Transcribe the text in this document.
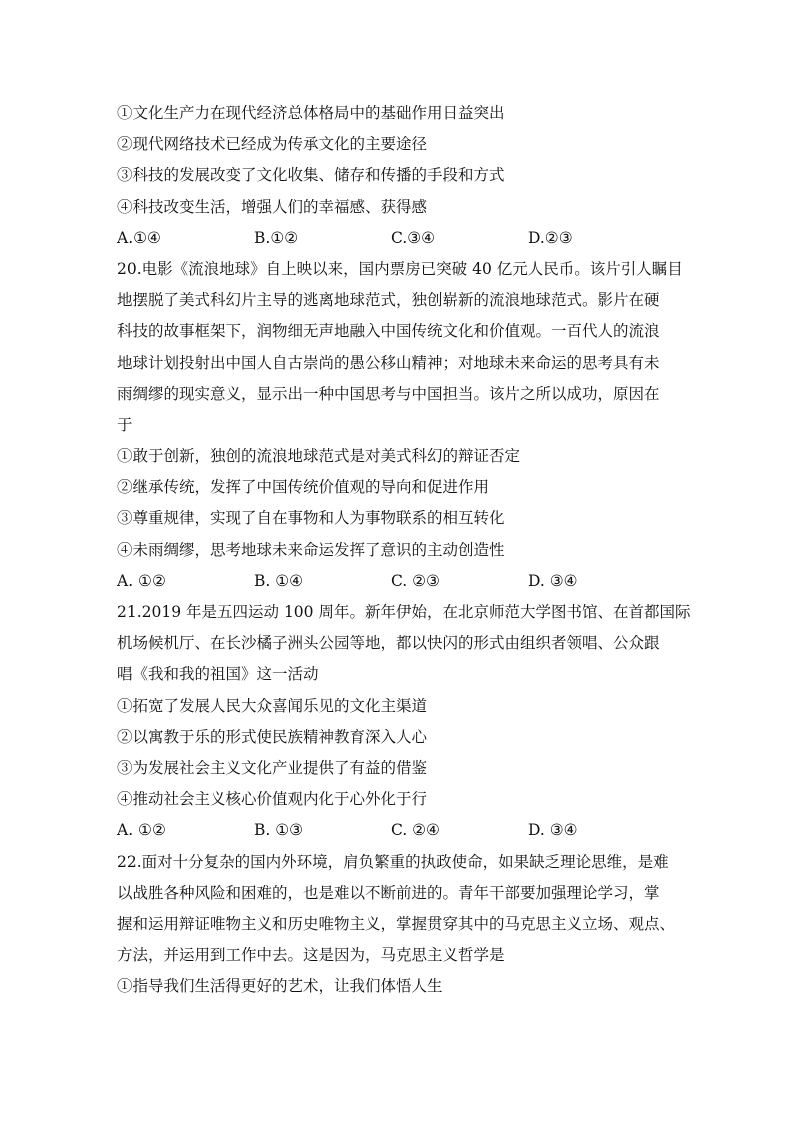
①文化生产力在现代经济总体格局中的基础作用日益突出
②现代网络技术已经成为传承文化的主要途径
③科技的发展改变了文化收集、储存和传播的手段和方式
④科技改变生活，增强人们的幸福感、获得感
A.①④	B.①②	C.③④	D.②③
20.电影《流浪地球》自上映以来，国内票房已突破 40 亿元人民币。该片引人瞩目
地摆脱了美式科幻片主导的逃离地球范式，独创崭新的流浪地球范式。影片在硬
科技的故事框架下，润物细无声地融入中国传统文化和价值观。一百代人的流浪
地球计划投射出中国人自古崇尚的愚公移山精神；对地球未来命运的思考具有未
雨绸缪的现实意义，显示出一种中国思考与中国担当。该片之所以成功，原因在
于
①敢于创新，独创的流浪地球范式是对美式科幻的辩证否定
②继承传统，发挥了中国传统价值观的导向和促进作用
③尊重规律，实现了自在事物和人为事物联系的相互转化
④未雨绸缪，思考地球未来命运发挥了意识的主动创造性
A. ①②	B. ①④	C. ②③	D. ③④
21.2019 年是五四运动 100 周年。新年伊始，在北京师范大学图书馆、在首都国际
机场候机厅、在长沙橘子洲头公园等地，都以快闪的形式由组织者领唱、公众跟
唱《我和我的祖国》这一活动
①拓宽了发展人民大众喜闻乐见的文化主渠道
②以寓教于乐的形式使民族精神教育深入人心
③为发展社会主义文化产业提供了有益的借鉴
④推动社会主义核心价值观内化于心外化于行
A. ①②	B. ①③	C. ②④	D. ③④
22.面对十分复杂的国内外环境，肩负繁重的执政使命，如果缺乏理论思维，是难
以战胜各种风险和困难的，也是难以不断前进的。青年干部要加强理论学习，掌
握和运用辩证唯物主义和历史唯物主义，掌握贯穿其中的马克思主义立场、观点、
方法，并运用到工作中去。这是因为，马克思主义哲学是
①指导我们生活得更好的艺术，让我们体悟人生
